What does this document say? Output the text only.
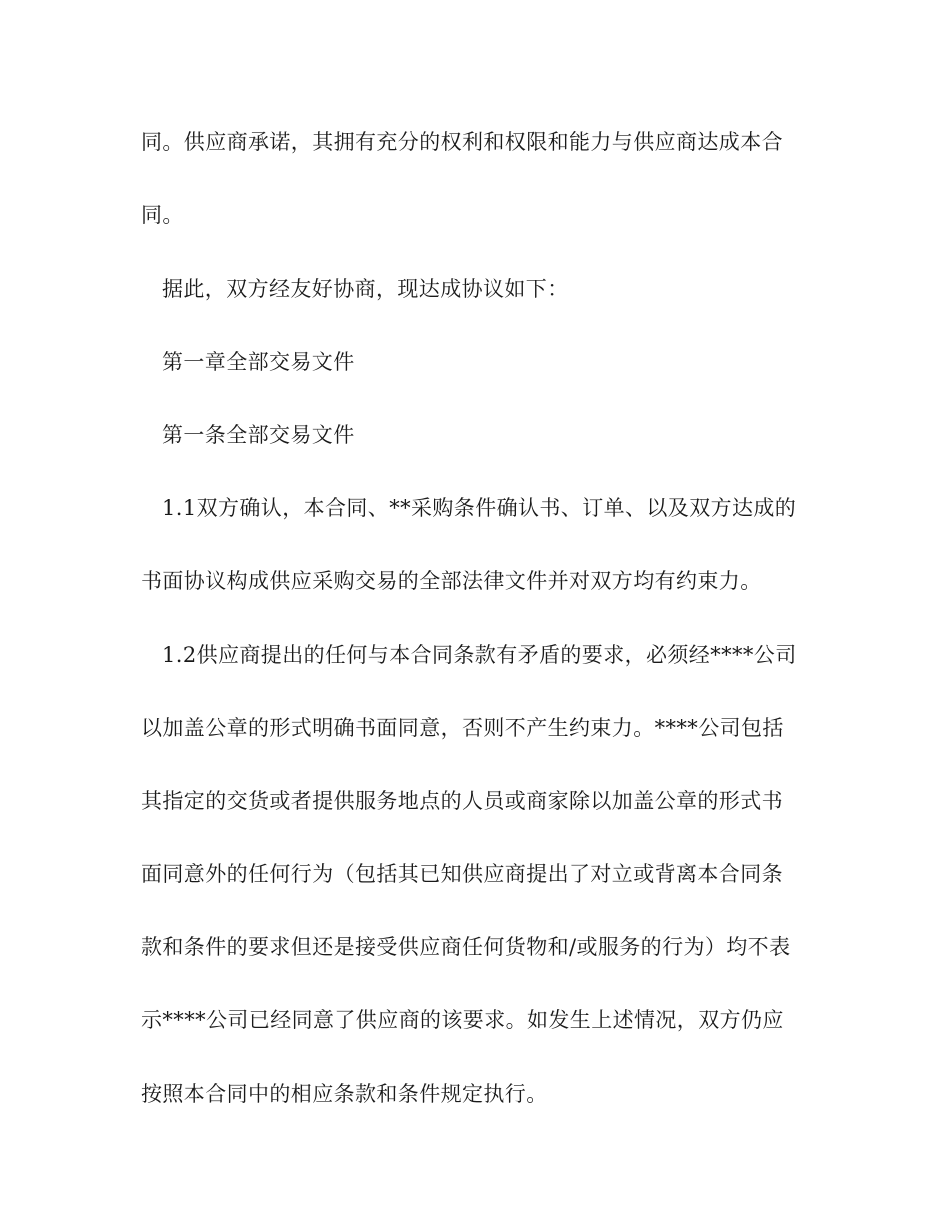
同。供应商承诺，其拥有充分的权利和权限和能力与供应商达成本合
同。
据此，双方经友好协商，现达成协议如下：
第一章全部交易文件
第一条全部交易文件
1.1双方确认，本合同、**采购条件确认书、订单、以及双方达成的
书面协议构成供应采购交易的全部法律文件并对双方均有约束力。
1.2供应商提出的任何与本合同条款有矛盾的要求，必须经****公司
以加盖公章的形式明确书面同意，否则不产生约束力。****公司包括
其指定的交货或者提供服务地点的人员或商家除以加盖公章的形式书
面同意外的任何行为（包括其已知供应商提出了对立或背离本合同条
款和条件的要求但还是接受供应商任何货物和/或服务的行为）均不表
示****公司已经同意了供应商的该要求。如发生上述情况，双方仍应
按照本合同中的相应条款和条件规定执行。
